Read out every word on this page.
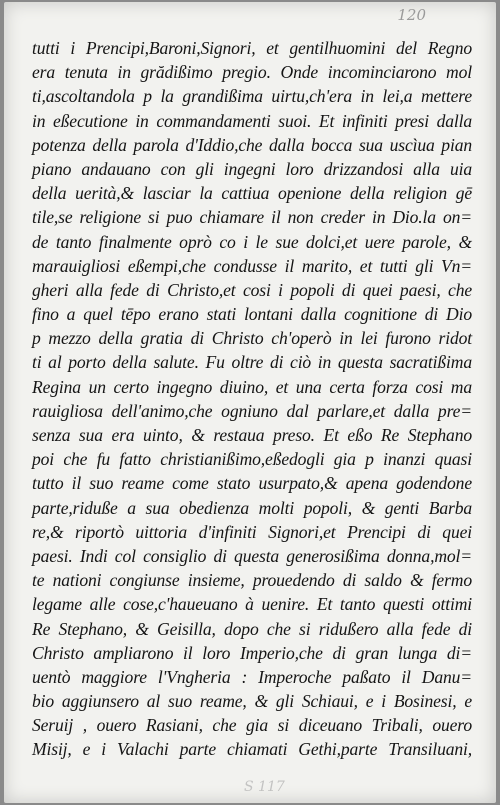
120
tutti i Prencipi,Baroni,Signori, et gentilhuomini del Regno
era tenuta in grădißimo pregio. Onde incominciarono mol
ti,ascoltandola p la grandißima uirtu,ch'era in lei,a mettere
in eßecutione in commandamenti suoi. Et infiniti presi dalla
potenza della parola d'Iddio,che dalla bocca sua uscìua pian
piano andauano con gli ingegni loro drizzandosi alla uia
della uerità,& lasciar la cattiua openione della religion gē
tile,se religione si puo chiamare il non creder in Dio.la on=
de tanto finalmente oprò co i le sue dolci,et uere parole, &
marauigliosi eßempi,che condusse il marito, et tutti gli Vn=
gheri alla fede di Christo,et cosi i popoli di quei paesi, che
fino a quel tēpo erano stati lontani dalla cognitione di Dio
p mezzo della gratia di Christo ch'operò in lei furono ridot
ti al porto della salute. Fu oltre di ciò in questa sacratißima
Regina un certo ingegno diuino, et una certa forza cosi ma
rauigliosa dell'animo,che ogniuno dal parlare,et dalla pre=
senza sua era uinto, & restaua preso. Et eßo Re Stephano
poi che fu fatto christianißimo,eßedogli gia p inanzi quasi
tutto il suo reame come stato usurpato,& apena godendone
parte,riduße a sua obedienza molti popoli, & genti Barba
re,& riportò uittoria d'infiniti Signori,et Prencipi di quei
paesi. Indi col consiglio di questa generosißima donna,mol=
te nationi congiunse insieme, prouedendo di saldo & fermo
legame alle cose,c'haueuano à uenire. Et tanto questi ottimi
Re Stephano, & Geisilla, dopo che si ridußero alla fede di
Christo ampliarono il loro Imperio,che di gran lunga di=
uentò maggiore l'Vngheria : Imperoche paßato il Danu=
bio aggiunsero al suo reame, & gli Schiaui, e i Bosinesi, e
Seruij , ouero Rasiani, che gia si diceuano Tribali, ouero
Misij, e i Valachi parte chiamati Gethi,parte Transiluani,
S 117
